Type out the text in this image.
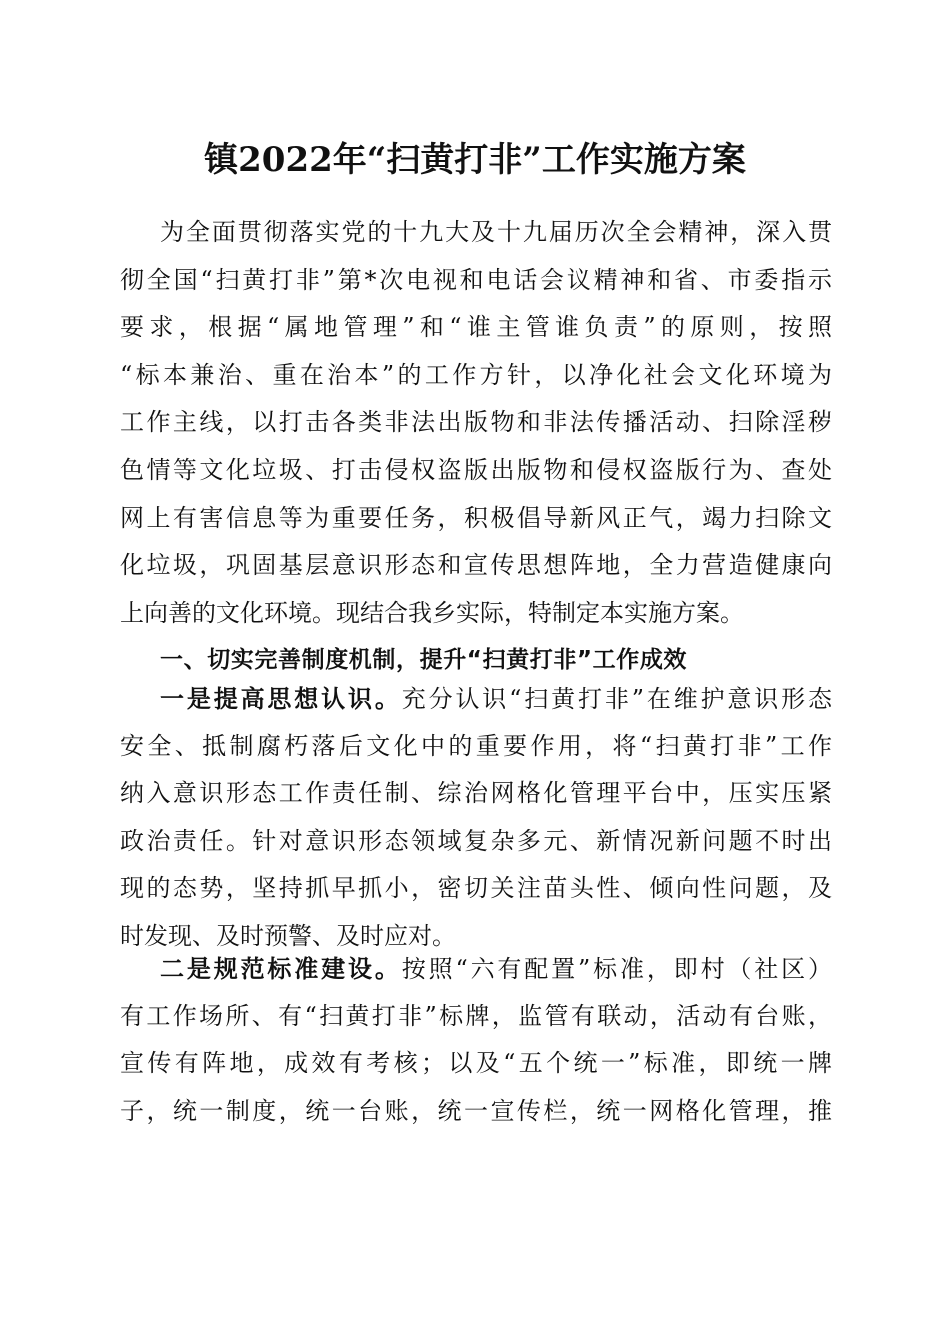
镇2022年“扫黄打非”工作实施方案
为全面贯彻落实党的十九大及十九届历次全会精神，深入贯
彻全国“扫黄打非”第*次电视和电话会议精神和省、市委指示
要求，根据“属地管理”和“谁主管谁负责”的原则，按照
“标本兼治、重在治本”的工作方针，以净化社会文化环境为
工作主线，以打击各类非法出版物和非法传播活动、扫除淫秽
色情等文化垃圾、打击侵权盗版出版物和侵权盗版行为、查处
网上有害信息等为重要任务，积极倡导新风正气，竭力扫除文
化垃圾，巩固基层意识形态和宣传思想阵地，全力营造健康向
上向善的文化环境。现结合我乡实际，特制定本实施方案。
一、切实完善制度机制，提升“扫黄打非”工作成效
一是提高思想认识。充分认识“扫黄打非”在维护意识形态
安全、抵制腐朽落后文化中的重要作用，将“扫黄打非”工作
纳入意识形态工作责任制、综治网格化管理平台中，压实压紧
政治责任。针对意识形态领域复杂多元、新情况新问题不时出
现的态势，坚持抓早抓小，密切关注苗头性、倾向性问题，及
时发现、及时预警、及时应对。
二是规范标准建设。按照“六有配置”标准，即村（社区）
有工作场所、有“扫黄打非”标牌，监管有联动，活动有台账，
宣传有阵地，成效有考核；以及“五个统一”标准，即统一牌
子，统一制度，统一台账，统一宣传栏，统一网格化管理，推
